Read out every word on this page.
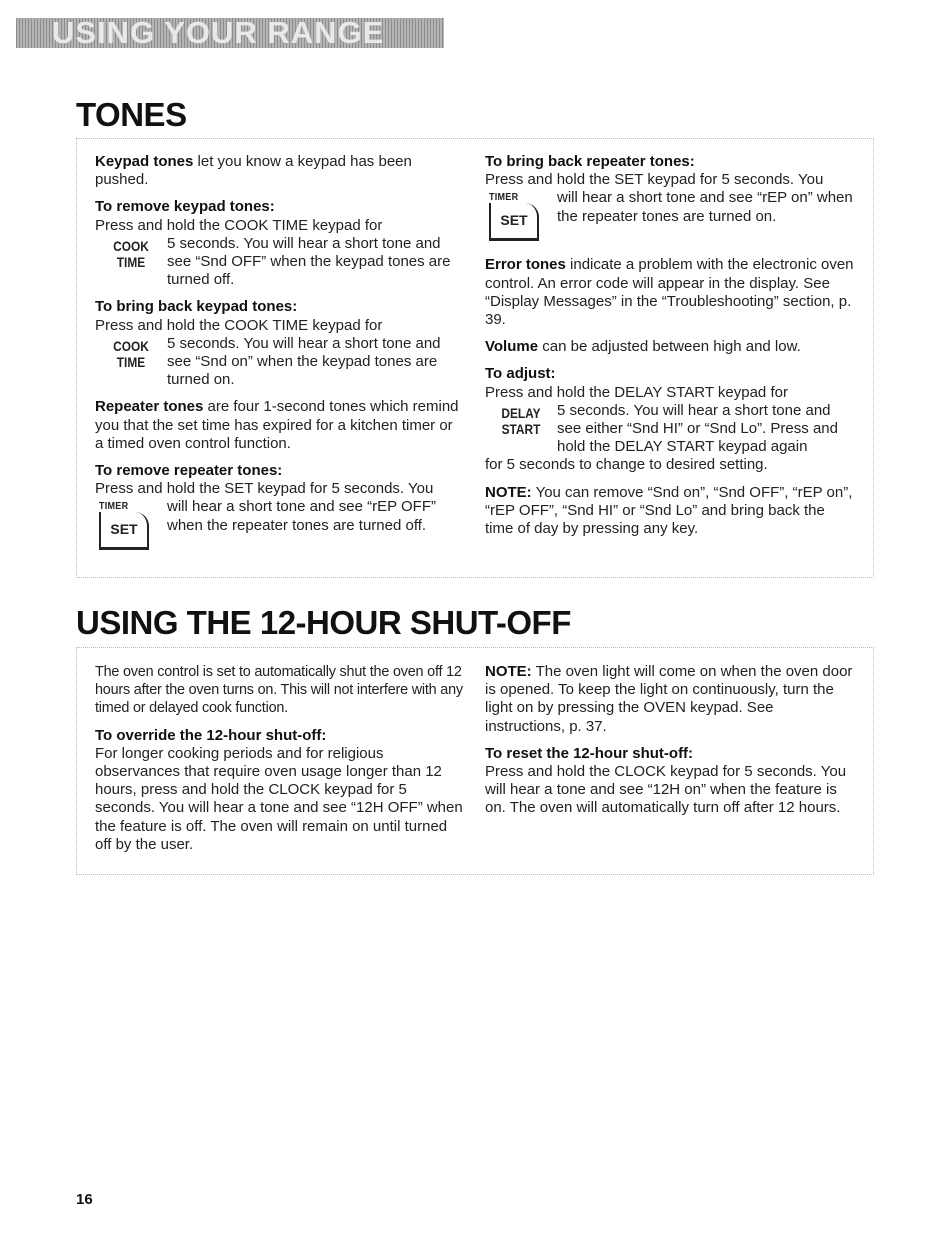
USING YOUR RANGE
TONES

Keypad tones let you know a keypad has been pushed.

To remove keypad tones:
Press and hold the COOK TIME keypad for
COOK
TIME
5 seconds. You will hear a short tone and see “Snd OFF” when the keypad tones are turned off.
To bring back keypad tones:
Press and hold the COOK TIME keypad for
COOK
TIME
5 seconds. You will hear a short tone and see “Snd on” when the keypad tones are turned on.

Repeater tones are four 1-second tones which remind you that the set time has expired for a kitchen timer or a timed oven control function.

To remove repeater tones:
Press and hold the SET keypad for 5 seconds. You
TIMER
SET
will hear a short tone and see “rEP OFF” when the repeater tones are turned off.
To bring back repeater tones:
Press and hold the SET keypad for 5 seconds. You
TIMER
SET
will hear a short tone and see “rEP on” when the repeater tones are turned on.

Error tones indicate a problem with the electronic oven control. An error code will appear in the display. See “Display Messages” in the “Troubleshooting” section, p. 39.

Volume can be adjusted between high and low.

To adjust:
Press and hold the DELAY START keypad for
DELAY
START
5 seconds. You will hear a short tone and see either “Snd HI” or “Snd Lo”. Press and hold the DELAY START keypad again

for 5 seconds to change to desired setting.

NOTE: You can remove “Snd on”, “Snd OFF”, “rEP on”, “rEP OFF”, “Snd HI” or “Snd Lo” and bring back the time of day by pressing any key.

USING THE 12-HOUR SHUT-OFF

The oven control is set to automatically shut the oven off 12 hours after the oven turns on. This will not interfere with any timed or delayed cook function.

To override the 12-hour shut-off:
For longer cooking periods and for religious observances that require oven usage longer than 12 hours, press and hold the CLOCK keypad for 5 seconds. You will hear a tone and see “12H OFF” when the feature is off. The oven will remain on until turned off by the user.

NOTE: The oven light will come on when the oven door is opened. To keep the light on continuously, turn the light on by pressing the OVEN keypad. See instructions, p. 37.

To reset the 12-hour shut-off:
Press and hold the CLOCK keypad for 5 seconds. You will hear a tone and see “12H on” when the feature is on. The oven will automatically turn off after 12 hours.
16
